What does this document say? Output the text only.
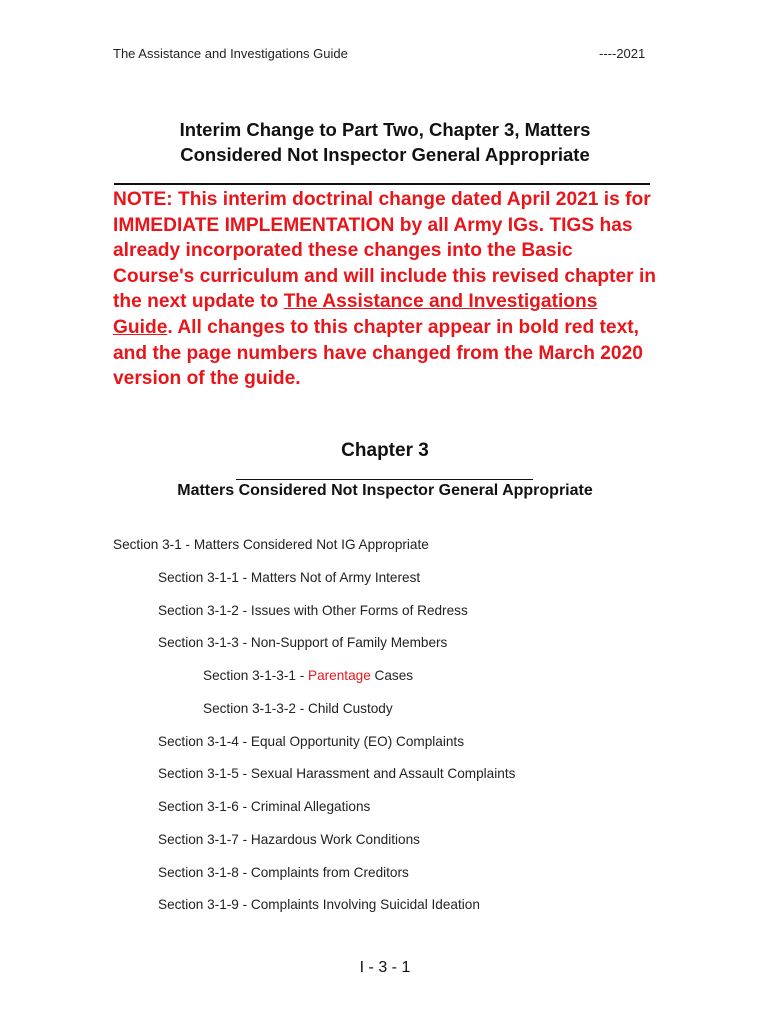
The Assistance and Investigations Guide	----2021
Interim Change to Part Two, Chapter 3, Matters
Considered Not Inspector General Appropriate
NOTE: This interim doctrinal change dated April 2021 is for IMMEDIATE IMPLEMENTATION by all Army IGs. TIGS has already incorporated these changes into the Basic Course's curriculum and will include this revised chapter in the next update to The Assistance and Investigations Guide. All changes to this chapter appear in bold red text, and the page numbers have changed from the March 2020 version of the guide.
Chapter 3
Matters Considered Not Inspector General Appropriate
Section 3-1 - Matters Considered Not IG Appropriate
Section 3-1-1 - Matters Not of Army Interest
Section 3-1-2 - Issues with Other Forms of Redress
Section 3-1-3 - Non-Support of Family Members
Section 3-1-3-1 - Parentage Cases
Section 3-1-3-2 - Child Custody
Section 3-1-4 - Equal Opportunity (EO) Complaints
Section 3-1-5 - Sexual Harassment and Assault Complaints
Section 3-1-6 - Criminal Allegations
Section 3-1-7 - Hazardous Work Conditions
Section 3-1-8 - Complaints from Creditors
Section 3-1-9 - Complaints Involving Suicidal Ideation
I - 3 - 1
